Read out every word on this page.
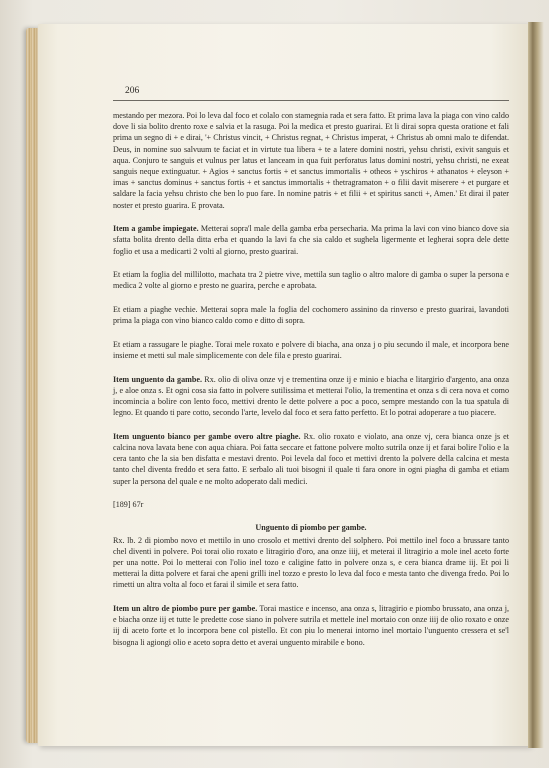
206

mestando per mezora. Poi lo leva dal foco et colalo con stamegnia rada et sera fatto. Et prima lava la piaga con vino caldo dove li sia bolito drento roxe e salvia et la rasuga. Poi la medica et presto guarirai. Et li dirai sopra questa oratione et fali prima un segno di + e dirai, '+ Christus vincit, + Christus regnat, + Christus imperat, + Christus ab omni malo te difendat. Deus, in nomine suo salvuum te faciat et in virtute tua libera + te a latere domini nostri, yehsu christi, exivit sanguis et aqua. Conjuro te sanguis et vulnus per latus et lanceam in qua fuit perforatus latus domini nostri, yehsu christi, ne exeat sanguis neque extinguatur. + Agios + sanctus fortis + et sanctus immortalis + otheos + yschiros + athanatos + eleyson + imas + sanctus dominus + sanctus fortis + et sanctus immortalis + thetragramaton + o filii davit miserere + et purgare et saldare la facia yehsu christo che ben lo puo fare. In nomine patris + et filii + et spiritus sancti +, Amen.' Et dirai il pater noster et presto guarira. E provata.

Item a gambe impiegate. Metterai sopra'l male della gamba erba persecharia. Ma prima la lavi con vino bianco dove sia sfatta bolita drento della ditta erba et quando la lavi fa che sia caldo et sughela ligermente et legherai sopra dele dette foglio et usa a medicarti 2 volti al giorno, presto guarirai.

Et etiam la foglia del millilotto, machata tra 2 pietre vive, mettila sun taglio o altro malore di gamba o super la persona e medica 2 volte al giorno e presto ne guarira, perche e aprobata.

Et etiam a piaghe vechie. Metterai sopra male la foglia del cochomero assinino da rinverso e presto guarirai, lavandoti prima la piaga con vino bianco caldo como e ditto di sopra.

Et etiam a rassugare le piaghe. Torai mele roxato e polvere di biacha, ana onza j o piu secundo il male, et incorpora bene insieme et metti sul male simplicemente con dele fila e presto guarirai.

Item unguento da gambe. Rx. olio di oliva onze vj e trementina onze ij e minio e biacha e litargirio d'argento, ana onza j, e aloe onza s. Et ogni cosa sia fatto in polvere sutilissima et metterai l'olio, la trementina et onza s di cera nova et como incomincia a bolire con lento foco, mettivi drento le dette polvere a poc a poco, sempre mestando con la tua spatula di legno. Et quando ti pare cotto, secondo l'arte, levelo dal foco et sera fatto perfetto. Et lo potrai adoperare a tuo piacere.

Item unguento bianco per gambe overo altre piaghe. Rx. olio roxato e violato, ana onze vj, cera bianca onze js et calcina nova lavata bene con aqua chiara. Poi fatta seccare et fattone polvere molto sutrila onze ij et farai bolire l'olio e la cera tanto che la sia ben disfatta e mestavi drento. Poi levela dal foco et mettivi drento la polvere della calcina et mesta tanto chel diventa freddo et sera fatto. E serbalo ali tuoi bisogni il quale ti fara onore in ogni piagha di gamba et etiam super la persona del quale e ne molto adoperato dali medici.

[189] 67r

Unguento di piombo per gambe.

Rx. lb. 2 di piombo novo et mettilo in uno crosolo et mettivi drento del solphero. Poi mettilo inel foco a brussare tanto chel diventi in polvere. Poi torai olio roxato e litragirio d'oro, ana onze iiij, et meterai il litragirio a mole inel aceto forte per una notte. Poi lo metterai con l'olio inel tozo e caligine fatto in polvere onza s, e cera bianca drame iij. Et poi li metterai la ditta polvere et farai che apeni grilli inel tozzo e presto lo leva dal foco e mesta tanto che divenga fredo. Poi lo rimetti un altra volta al foco et farai il simile et sera fatto.

Item un altro de piombo pure per gambe. Torai mastice e incenso, ana onza s, litragirio e piombo brussato, ana onza j, e biacha onze iij et tutte le predette cose siano in polvere sutrila et mettele inel mortaio con onze iiij de olio roxato e onze iij di aceto forte et lo incorpora bene col pistello. Et con piu lo menerai intorno inel mortaio l'unguento cressera et se'l bisogna li agiongi olio e aceto sopra detto et averai unguento mirabile e bono.
